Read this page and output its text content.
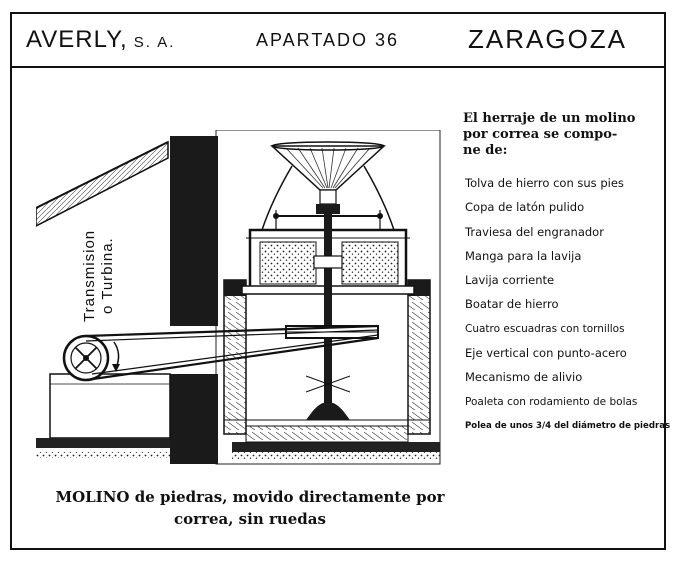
AVERLY, S. A.	APARTADO 36	ZARAGOZA
Transmision o Turbina.
El herraje de un molino
por correa se compo-
ne de:
Tolva de hierro con sus pies
Copa de latón pulido
Traviesa del engranador
Manga para la lavija
Lavija corriente
Boatar de hierro
Cuatro escuadras con tornillos
Eje vertical con punto-acero
Mecanismo de alivio
Poaleta con rodamiento de bolas
Polea de unos 3/4 del diámetro de piedras
MOLINO de piedras, movido directamente por
correa, sin ruedas
